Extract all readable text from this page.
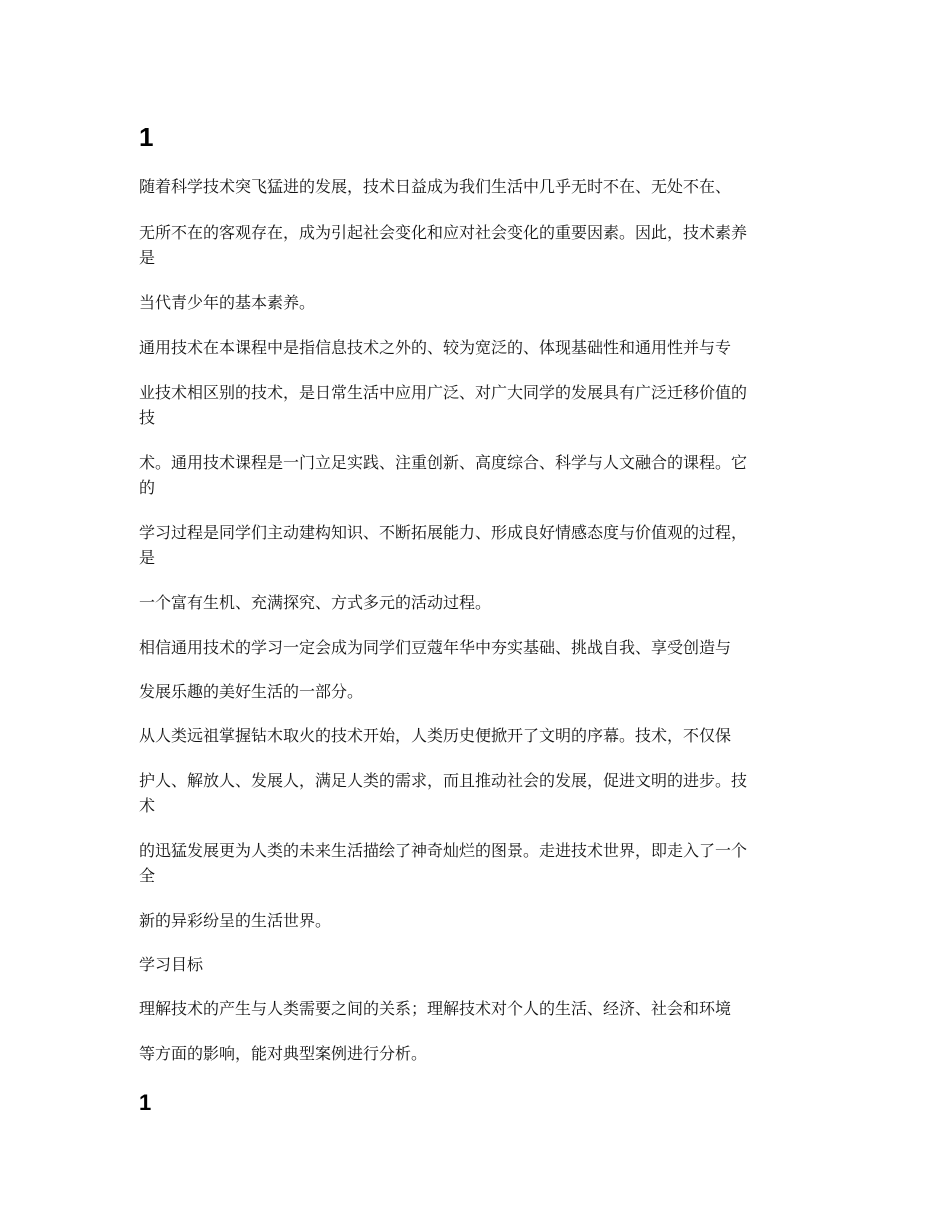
1
随着科学技术突飞猛进的发展，技术日益成为我们生活中几乎无时不在、无处不在、
无所不在的客观存在，成为引起社会变化和应对社会变化的重要因素。因此，技术素养
是
当代青少年的基本素养。
通用技术在本课程中是指信息技术之外的、较为宽泛的、体现基础性和通用性并与专
业技术相区别的技术，是日常生活中应用广泛、对广大同学的发展具有广泛迁移价值的
技
术。通用技术课程是一门立足实践、注重创新、高度综合、科学与人文融合的课程。它
的
学习过程是同学们主动建构知识、不断拓展能力、形成良好情感态度与价值观的过程，
是
一个富有生机、充满探究、方式多元的活动过程。
相信通用技术的学习一定会成为同学们豆蔻年华中夯实基础、挑战自我、享受创造与
发展乐趣的美好生活的一部分。
从人类远祖掌握钻木取火的技术开始，人类历史便掀开了文明的序幕。技术，不仅保
护人、解放人、发展人，满足人类的需求，而且推动社会的发展，促进文明的进步。技
术
的迅猛发展更为人类的未来生活描绘了神奇灿烂的图景。走进技术世界，即走入了一个
全
新的异彩纷呈的生活世界。
学习目标
理解技术的产生与人类需要之间的关系；理解技术对个人的生活、经济、社会和环境
等方面的影响，能对典型案例进行分析。
1
